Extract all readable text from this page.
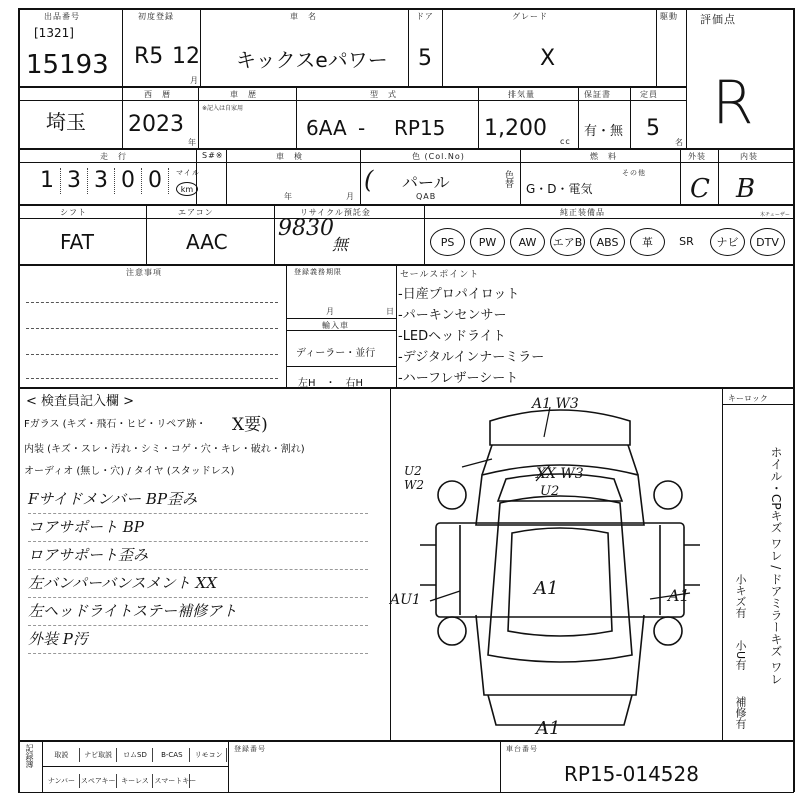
出品番号
[1321]
15193
初度登録
R5 12
月
車　名
キックスeパワー
ドア
5
グレード
X
駆動 評価点
R
埼玉
西　暦
2023
年
車　歴
※記入は自家用
型　式
6AA - RP15
排気量
1,200
cc
保証書
有・無
定員
5
名
走　行
1 3 3 0 0	マイル
km
S#※	車　検
年	月
色 (Col.No)
パール
QAB
(	色替
燃　料
G・D・電気
その他
外装
C
内装
B
シフト
FAT
エアコン
AAC
リサイクル預託金
9830
無
純正装備品	木チューザー
PS	PW	AW	エアB	ABS	革	SR	ナビ	DTV
注意事項	登録義務期限
月	日
輸入車
ディーラー・並行
左H　・　右H
セールスポイント
-日産プロパイロット
-パーキンセンサー
-LEDヘッドライト
-デジタルインナーミラー
-ハーフレザーシート
< 検査員記入欄 >
Fガラス (キズ・飛石・ヒビ・リペア跡・ X要)
内装 (キズ・スレ・汚れ・シミ・コゲ・穴・キレ・破れ・割れ)
オーディオ (無し・穴) / タイヤ (スタッドレス)
Fサイドメンバー BP歪み
コアサポート BP
ロアサポート歪み
左バンパーバンスメント XX
左ヘッドライトステー補修アト
外装 P汚
A1 W3
U2
W2
XX W3
U2
A1
AU1	A1
A1
キーロック
ホイル・CPキズ ワレ / ドアミラーキズ ワレ
小キズ有
小U有
補修有
記録簿	取説	ナビ取説	ロムSD	B-CAS	リモコン
ナンバー スペアキー キーレス スマートキー
登録番号	車台番号
RP15-014528
